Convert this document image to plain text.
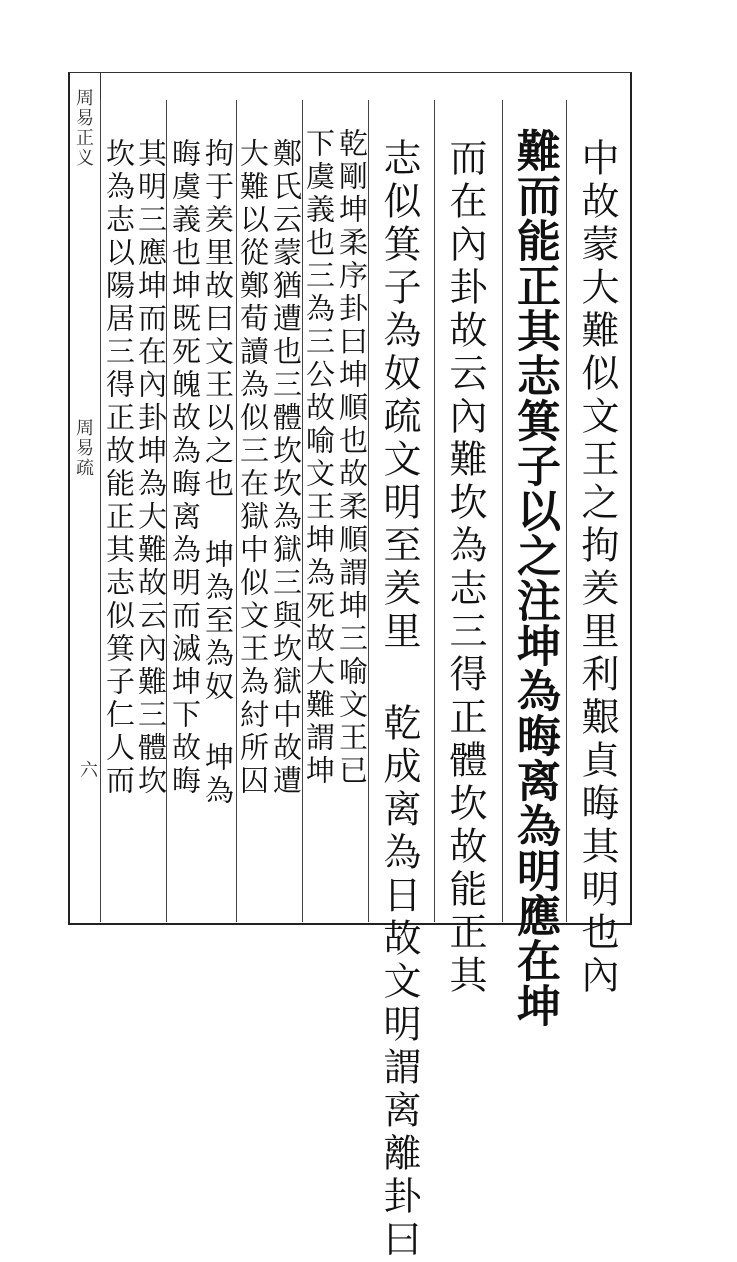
周易正义
周易疏
六	中故蒙大難似文王之拘羑里利艱貞晦其明也內
難而能正其志箕子以之注坤為晦离為明應在坤
而在內卦故云內難坎為志三得正體坎故能正其
志似箕子為奴疏文明至羑里 乾成离為日故文明謂离離卦曰
乾剛坤柔序卦曰坤順也故柔順謂坤三喻文王已
下虞義也三為三公故喻文王坤為死故大難謂坤
鄭氏云蒙猶遭也三體坎坎為獄三與坎獄中故遭
大難以從鄭荀讀為似三在獄中似文王為紂所囚
拘于羑里故曰文王以之也 坤為至為奴 坤為
晦虞義也坤既死魄故為晦离為明而滅坤下故晦
其明三應坤而在內卦坤為大難故云內難三體坎
坎為志以陽居三得正故能正其志似箕子仁人而
